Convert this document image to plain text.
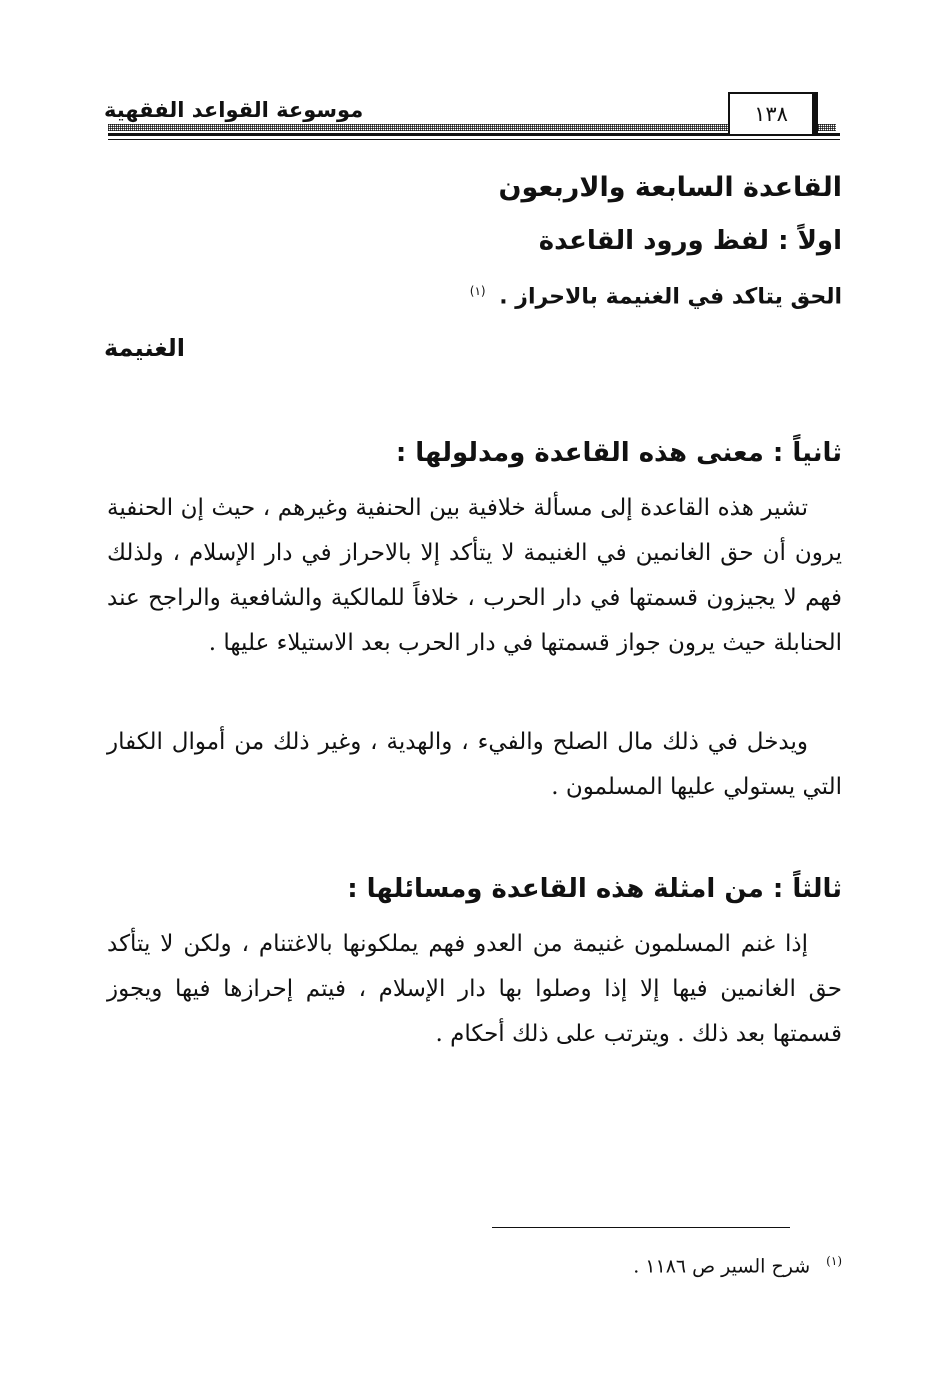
موسوعة القواعد الفقهية	١٣٨
القاعدة السابعة والاربعون
اولاً : لفظ ورود القاعدة
الحق يتاكد في الغنيمة بالاحراز . $^{(١)}$
الغنيمة
ثانياً : معنى هذه القاعدة ومدلولها :

تشير هذه القاعدة إلى مسألة خلافية بين الحنفية وغيرهم ، حيث إن الحنفية يرون أن حق الغانمين في الغنيمة لا يتأكد إلا بالاحراز في دار الإسلام ، ولذلك فهم لا يجيزون قسمتها في دار الحرب ، خلافاً للمالكية والشافعية والراجح عند الحنابلة حيث يرون جواز قسمتها في دار الحرب بعد الاستيلاء عليها .

ويدخل في ذلك مال الصلح والفيء ، والهدية ، وغير ذلك من أموال الكفار التي يستولي عليها المسلمون .

ثالثاً : من امثلة هذه القاعدة ومسائلها :

إذا غنم المسلمون غنيمة من العدو فهم يملكونها بالاغتنام ، ولكن لا يتأكد حق الغانمين فيها إلا إذا وصلوا بها دار الإسلام ، فيتم إحرازها فيها ويجوز قسمتها بعد ذلك . ويترتب على ذلك أحكام .

$^{(١)}$ شرح السير ص ١١٨٦ .
